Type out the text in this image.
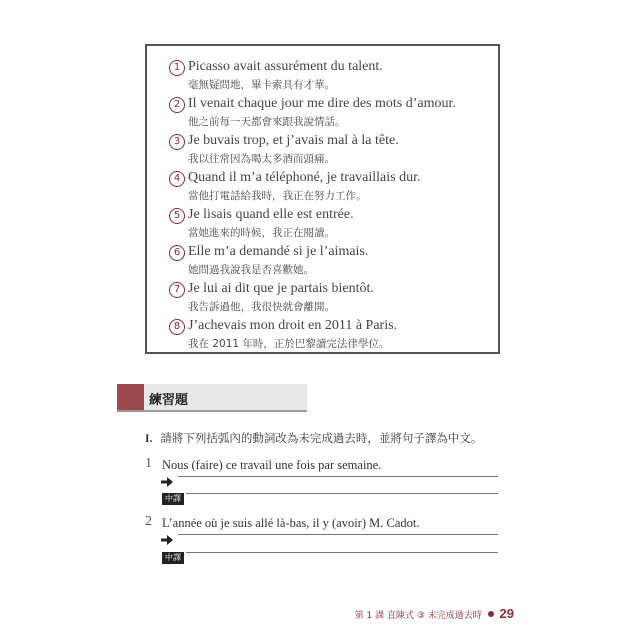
1 Picasso avait assurément du talent.
毫無疑問地，畢卡索具有才華。
2 Il venait chaque jour me dire des mots d’amour.
他之前每一天都會來跟我說情話。
3 Je buvais trop, et j’avais mal à la tête.
我以往常因為喝太多酒而頭痛。
4 Quand il m’a téléphoné, je travaillais dur.
當他打電話給我時，我正在努力工作。
5 Je lisais quand elle est entrée.
當她進來的時候，我正在閱讀。
6 Elle m’a demandé si je l’aimais.
她問過我說我是否喜歡她。
7 Je lui ai dit que je partais bientôt.
我告訴過他，我很快就會離開。
8 J’achevais mon droit en 2011 à Paris.
我在 2011 年時，正於巴黎讀完法律學位。
練習題
I. 請將下列括弧內的動詞改為未完成過去時，並將句子譯為中文。
1 Nous (faire) ce travail une fois par semaine.
中譯
2 L’année où je suis allé là-bas, il y (avoir) M. Cadot.
中譯
第 1 課 直陳式 ③ 未完成過去時 29
